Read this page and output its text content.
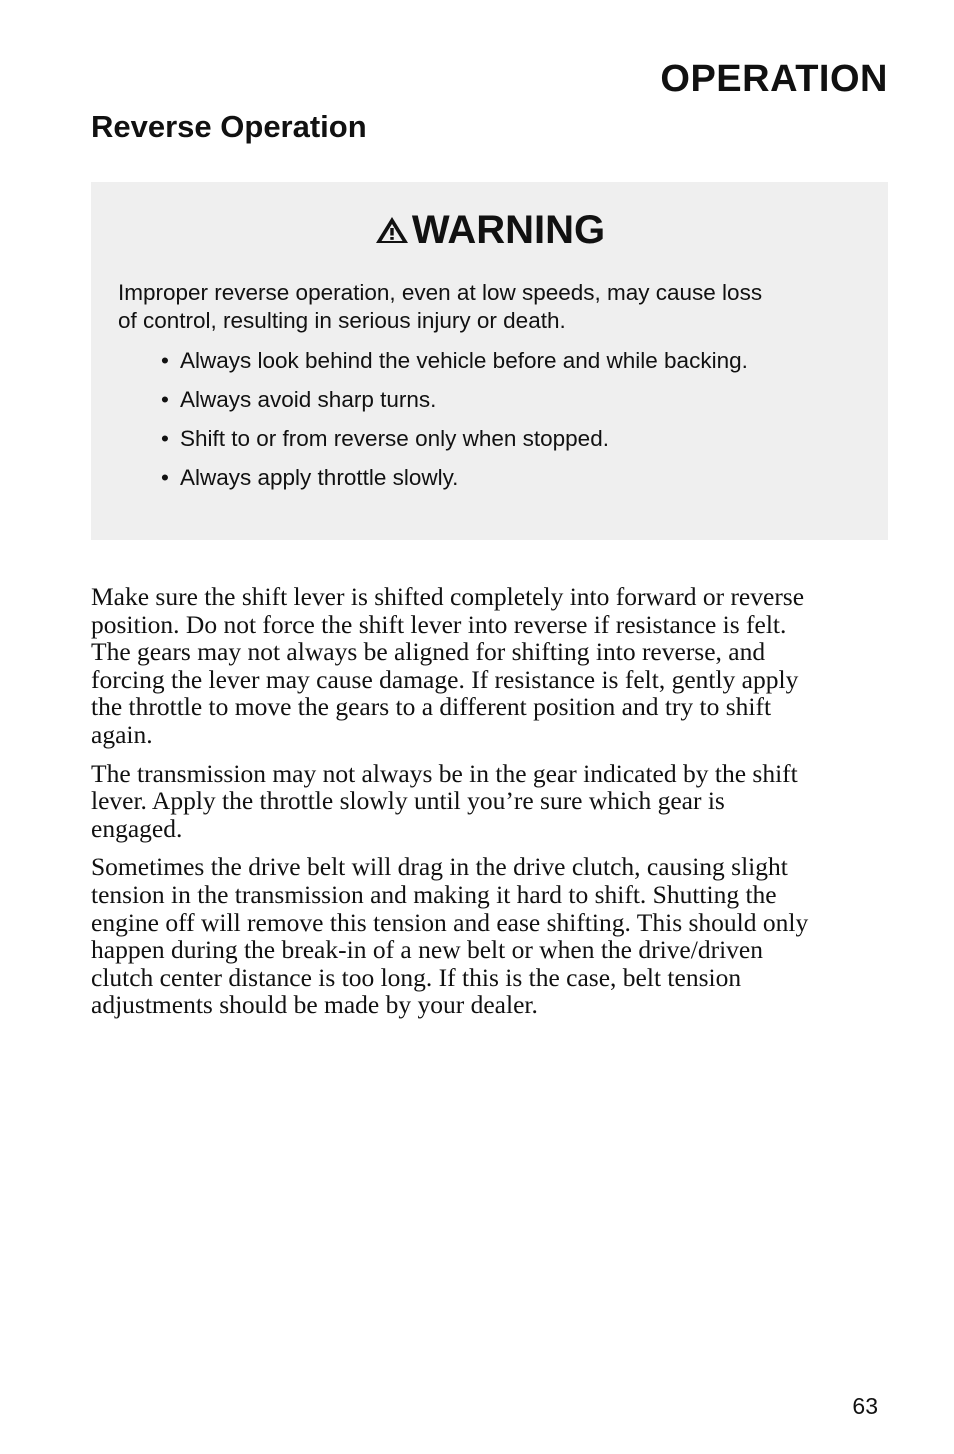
OPERATION
Reverse Operation
WARNING

Improper reverse operation, even at low speeds, may cause loss
of control, resulting in serious injury or death.

• Always look behind the vehicle before and while backing.
• Always avoid sharp turns.
• Shift to or from reverse only when stopped.
• Always apply throttle slowly.

Make sure the shift lever is shifted completely into forward or reverse
position. Do not force the shift lever into reverse if resistance is felt.
The gears may not always be aligned for shifting into reverse, and
forcing the lever may cause damage. If resistance is felt, gently apply
the throttle to move the gears to a different position and try to shift
again.

The transmission may not always be in the gear indicated by the shift
lever. Apply the throttle slowly until you’re sure which gear is
engaged.

Sometimes the drive belt will drag in the drive clutch, causing slight
tension in the transmission and making it hard to shift. Shutting the
engine off will remove this tension and ease shifting. This should only
happen during the break-in of a new belt or when the drive/driven
clutch center distance is too long. If this is the case, belt tension
adjustments should be made by your dealer.

63
